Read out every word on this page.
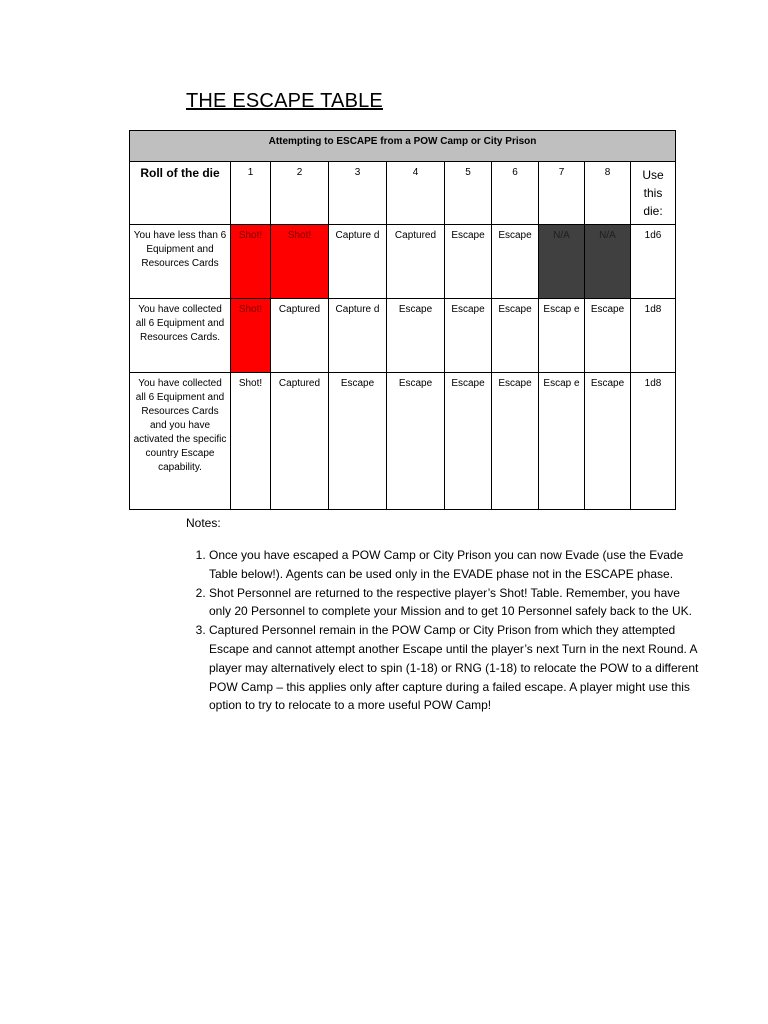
THE ESCAPE TABLE
Attempting to ESCAPE from a POW Camp or City Prison									
Roll of the die	1	2	3	4	5	6	7	8	Use this die:
You have less than 6 Equipment and Resources Cards	Shot!	Shot!	Capture d	Captured	Escape	Escape	N/A	N/A	1d6
You have collected all 6 Equipment and Resources Cards.	Shot!	Captured	Capture d	Escape	Escape	Escape	Escap e	Escape	1d8
You have collected all 6 Equipment and Resources Cards and you have activated the specific country Escape capability.	Shot!	Captured	Escape	Escape	Escape	Escape	Escap e	Escape	1d8
Notes:
1. Once you have escaped a POW Camp or City Prison you can now Evade (use the Evade Table below!). Agents can be used only in the EVADE phase not in the ESCAPE phase.
2. Shot Personnel are returned to the respective player’s Shot! Table. Remember, you have only 20 Personnel to complete your Mission and to get 10 Personnel safely back to the UK.
3. Captured Personnel remain in the POW Camp or City Prison from which they attempted Escape and cannot attempt another Escape until the player’s next Turn in the next Round. A player may alternatively elect to spin (1-18) or RNG (1-18) to relocate the POW to a different POW Camp – this applies only after capture during a failed escape. A player might use this option to try to relocate to a more useful POW Camp!
